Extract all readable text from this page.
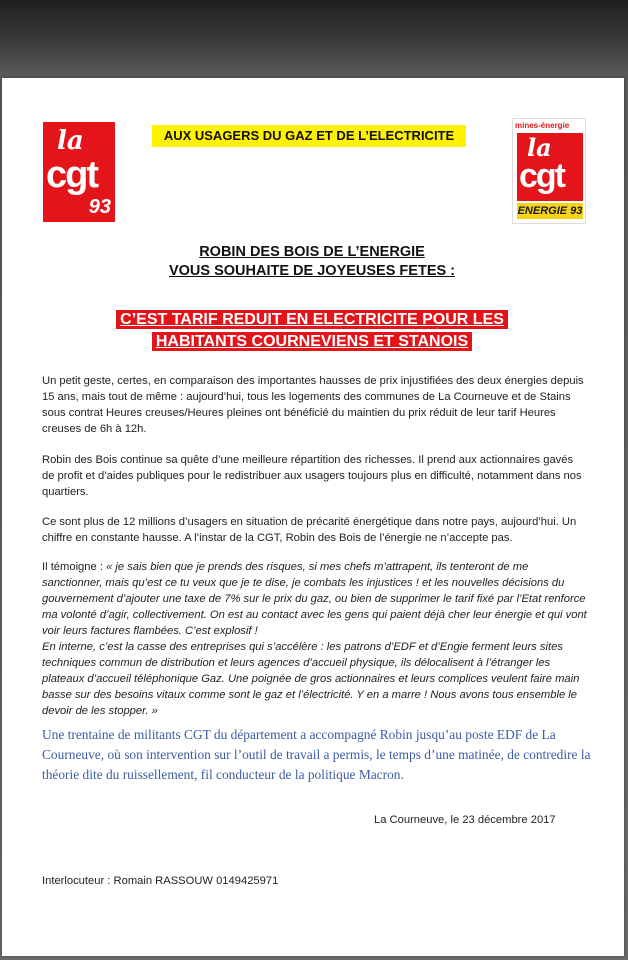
la
cgt
93
AUX USAGERS DU GAZ ET DE L’ELECTRICITE
mines-énergie
la
cgt
ENERGIE 93
ROBIN DES BOIS DE L’ENERGIE
VOUS SOUHAITE DE JOYEUSES FETES :
C’EST TARIF REDUIT EN ELECTRICITE POUR LES
HABITANTS COURNEVIENS ET STANOIS

Un petit geste, certes, en comparaison des importantes hausses de prix injustifiées des deux énergies depuis 15 ans, mais tout de même : aujourd’hui, tous les logements des communes de La Courneuve et de Stains sous contrat Heures creuses/Heures pleines ont bénéficié du maintien du prix réduit de leur tarif Heures creuses de 6h à 12h.

Robin des Bois continue sa quête d’une meilleure répartition des richesses. Il prend aux actionnaires gavés de profit et d’aides publiques pour le redistribuer aux usagers toujours plus en difficulté, notamment dans nos quartiers.

Ce sont plus de 12 millions d’usagers en situation de précarité énergétique dans notre pays, aujourd’hui. Un chiffre en constante hausse. A l’instar de la CGT, Robin des Bois de l’énergie ne n’accepte pas.

Il témoigne : « je sais bien que je prends des risques, si mes chefs m’attrapent, ils tenteront de me sanctionner, mais qu’est ce tu veux que je te dise, je combats les injustices ! et les nouvelles décisions du gouvernement d’ajouter une taxe de 7% sur le prix du gaz, ou bien de supprimer le tarif fixé par l’Etat renforce ma volonté d’agir, collectivement. On est au contact avec les gens qui paient déjà cher leur énergie et qui vont voir leurs factures flambées. C’est explosif !

En interne, c’est la casse des entreprises qui s’accélère : les patrons d’EDF et d’Engie ferment leurs sites techniques commun de distribution et leurs agences d’accueil physique, ils délocalisent à l’étranger les plateaux d’accueil téléphonique Gaz. Une poignée de gros actionnaires et leurs complices veulent faire main basse sur des besoins vitaux comme sont le gaz et l’électricité. Y en a marre ! Nous avons tous ensemble le devoir de les stopper. »

Une trentaine de militants CGT du département a accompagné Robin jusqu’au poste EDF de La Courneuve, où son intervention sur l’outil de travail a permis, le temps d’une matinée, de contredire la théorie dite du ruissellement, fil conducteur de la politique Macron.
La Courneuve, le 23 décembre 2017
Interlocuteur : Romain RASSOUW 0149425971
